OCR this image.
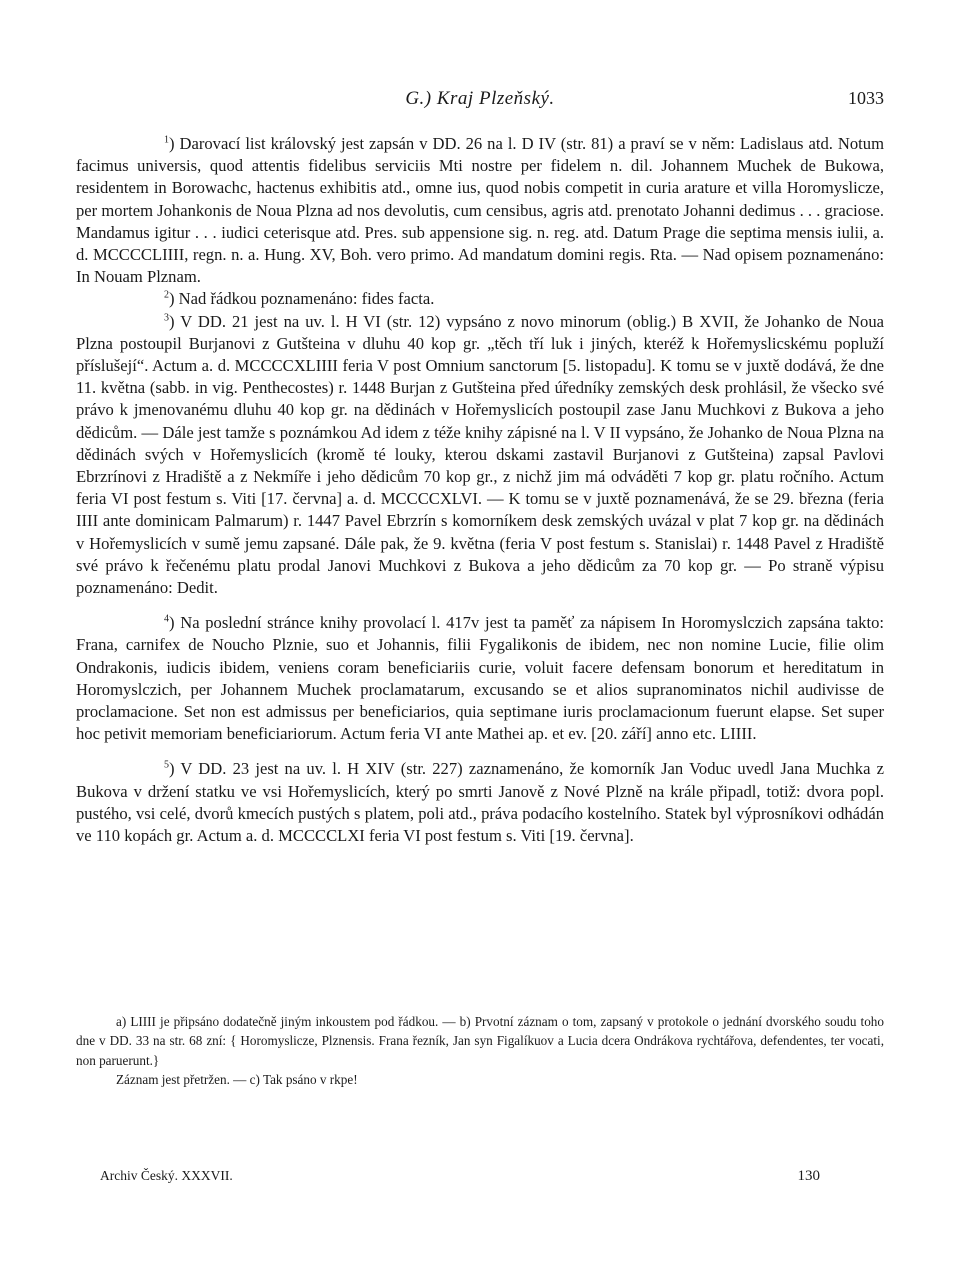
G.) Kraj Plzeňský.	1033

$^1$) Darovací list královský jest zapsán v DD. 26 na l. D IV (str. 81) a praví se v něm: Ladislaus atd. Notum facimus universis, quod attentis fidelibus serviciis Mti nostre per fidelem n. dil. Johannem Muchek de Bukowa, residentem in Borowachc, hactenus exhibitis atd., omne ius, quod nobis competit in curia arature et villa Horomyslicze, per mortem Johankonis de Noua Plzna ad nos devolutis, cum censibus, agris atd. prenotato Johanni dedimus . . . graciose. Mandamus igitur . . . iudici ceterisque atd. Pres. sub appensione sig. n. reg. atd. Datum Prage die septima mensis iulii, a. d. MCCCCLIIII, regn. n. a. Hung. XV, Boh. vero primo. Ad mandatum domini regis. Rta. — Nad opisem poznamenáno: In Nouam Plznam.

$^2$) Nad řádkou poznamenáno: fides facta.

$^3$) V DD. 21 jest na uv. l. H VI (str. 12) vypsáno z novo minorum (oblig.) B XVII, že Johanko de Noua Plzna postoupil Burjanovi z Gutšteina v dluhu 40 kop gr. „těch tří luk i jiných, kteréž k Hořemyslicskému popluží příslušejí“. Actum a. d. MCCCCXLIIII feria V post Omnium sanctorum [5. listopadu]. K tomu se v juxtě dodává, že dne 11. května (sabb. in vig. Penthecostes) r. 1448 Burjan z Gutšteina před úředníky zemských desk prohlásil, že všecko své právo k jmenovanému dluhu 40 kop gr. na dědinách v Hořemyslicích postoupil zase Janu Muchkovi z Bukova a jeho dědicům. — Dále jest tamže s poznámkou Ad idem z téže knihy zápisné na l. V II vypsáno, že Johanko de Noua Plzna na dědinách svých v Hořemyslicích (kromě té louky, kterou dskami zastavil Burjanovi z Gutšteina) zapsal Pavlovi Ebrzrínovi z Hradiště a z Nekmíře i jeho dědicům 70 kop gr., z nichž jim má odváděti 7 kop gr. platu ročního. Actum feria VI post festum s. Viti [17. června] a. d. MCCCCXLVI. — K tomu se v juxtě poznamenává, že se 29. března (feria IIII ante dominicam Palmarum) r. 1447 Pavel Ebrzrín s komorníkem desk zemských uvázal v plat 7 kop gr. na dědinách v Hořemyslicích v sumě jemu zapsané. Dále pak, že 9. května (feria V post festum s. Stanislai) r. 1448 Pavel z Hradiště své právo k řečenému platu prodal Janovi Muchkovi z Bukova a jeho dědicům za 70 kop gr. — Po straně výpisu poznamenáno: Dedit.

$^4$) Na poslední stránce knihy provolací l. 417v jest ta paměť za nápisem In Horomyslczich zapsána takto: Frana, carnifex de Noucho Plznie, suo et Johannis, filii Fygalikonis de ibidem, nec non nomine Lucie, filie olim Ondrakonis, iudicis ibidem, veniens coram beneficiariis curie, voluit facere defensam bonorum et hereditatum in Horomyslczich, per Johannem Muchek proclamatarum, excusando se et alios supranominatos nichil audivisse de proclamacione. Set non est admissus per beneficiarios, quia septimane iuris proclamacionum fuerunt elapse. Set super hoc petivit memoriam beneficiariorum. Actum feria VI ante Mathei ap. et ev. [20. září] anno etc. LIIII.

$^5$) V DD. 23 jest na uv. l. H XIV (str. 227) zaznamenáno, že komorník Jan Voduc uvedl Jana Muchka z Bukova v držení statku ve vsi Hořemyslicích, který po smrti Janově z Nové Plzně na krále připadl, totiž: dvora popl. pustého, vsi celé, dvorů kmecích pustých s platem, poli atd., práva podacího kostelního. Statek byl výprosníkovi odhádán ve 110 kopách gr. Actum a. d. MCCCCLXI feria VI post festum s. Viti [19. června].

a) LIIII je připsáno dodatečně jiným inkoustem pod řádkou. — b) Prvotní záznam o tom, zapsaný v protokole o jednání dvorského soudu toho dne v DD. 33 na str. 68 zní: { Horomyslicze, Plznensis. Frana řezník, Jan syn Figalíkuov a Lucia dcera Ondrákova rychtářova, defendentes, ter vocati, non paruerunt.}

Záznam jest přetržen. — c) Tak psáno v rkpe!

Archiv Český. XXXVII.	130
